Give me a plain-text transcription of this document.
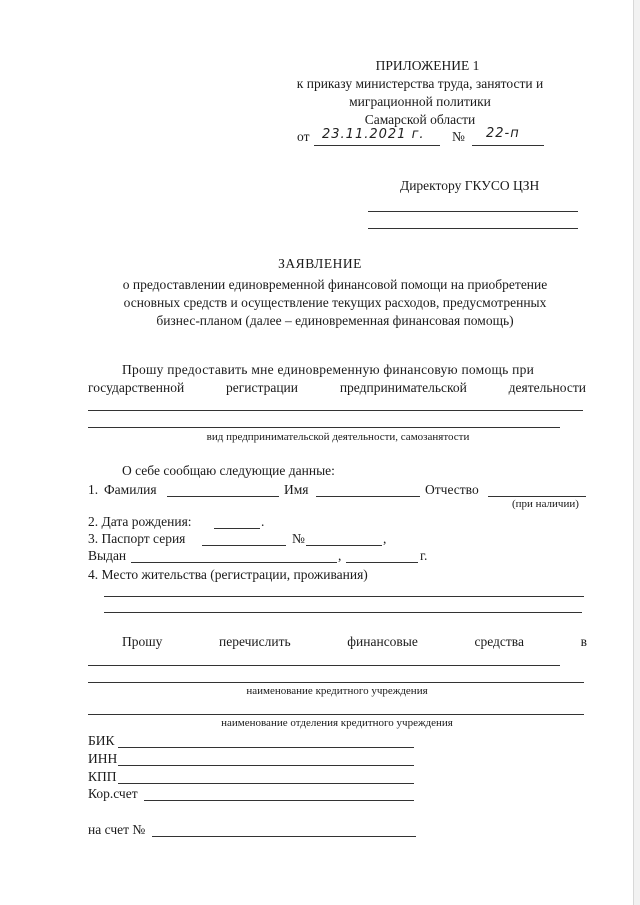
ПРИЛОЖЕНИЕ 1
к приказу министерства труда, занятости и
миграционной политики
Самарской области
от 23.11.2021 г. № 22-п
Директору ГКУСО ЦЗН
ЗАЯВЛЕНИЕ
о предоставлении единовременной финансовой помощи на приобретение
основных средств и осуществление текущих расходов, предусмотренных
бизнес-планом (далее – единовременная финансовая помощь)
Прошу предоставить мне единовременную финансовую помощь при
государственной	регистрации	предпринимательской	деятельности
вид предпринимательской деятельности, самозанятости
О себе сообщаю следующие данные:
1. Фамилия	Имя	Отчество
(при наличии)
2. Дата рождения:	.
3. Паспорт серия	№	,
Выдан	,	г.
4. Место жительства (регистрации, проживания)
Прошу	перечислить	финансовые	средства	в
наименование кредитного учреждения
наименование отделения кредитного учреждения
БИК
ИНН
КПП
Кор.счет
на счет №
